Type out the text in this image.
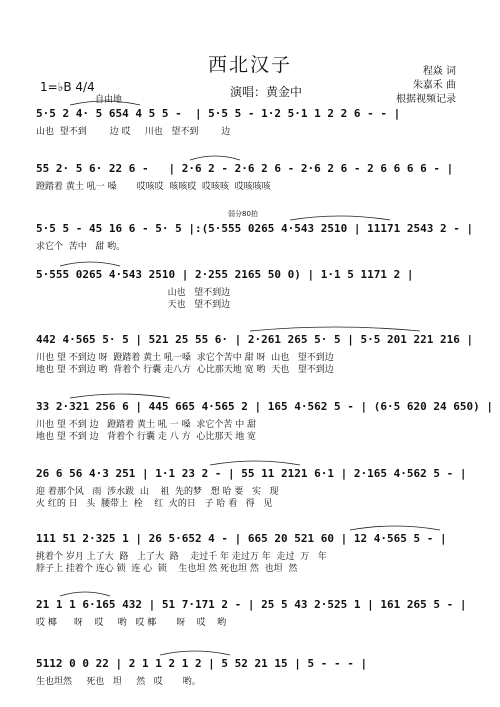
西北汉子
演唱：黄金中
程焱 词
朱嘉禾 曲
根据视频记录
1=♭B 4/4
自由地
弱分80拍
5·5 2 4· 5 654 4 5 5 -  | 5·5 5 - 1·2 5·1 1 2 2 6 - - |
山也  望不到        边 哎     川也   望不到        边
55 2· 5 6· 22 6 -   | 2·6 2 - 2·6 2 6 - 2·6 2 6 - 2 6 6 6 6 - |
蹬踏着 黄土 吼一 嗓       哎咳哎  咳咳哎  哎咳咳  哎咳咳咳
5·5 5 - 45 16 6 - 5· 5 |:(5·555 0265 4·543 2510 | 11171 2543 2 - |
求它个  苦中   甜 哟。
5·555 0265 4·543 2510 | 2·255 2165 50 0) | 1·1 5 1171 2 |
山也   望不到边
天也   望不到边
442 4·565 5· 5 | 521 25 55 6· | 2·261 265 5· 5 | 5·5 201 221 216 |
川也 望 不到边 呀  蹬踏着 黄土 吼一嗓  求它个苦中 甜 呀  山也   望不到边
地也 望 不到边 哟  背着个 行囊 走八方  心比那天地 宽 哟  天也   望不到边
33 2·321 256 6 | 445 665 4·565 2 | 165 4·562 5 - | (6·5 620 24 650) |
川也 望 不到 边   蹬踏着 黄土 吼 一 嗓  求它个苦 中 甜
地也 望 不到 边   背着个 行囊 走 八 方  心比那天 地 宽
26 6 56 4·3 251 | 1·1 23 2 - | 55 11 2121 6·1 | 2·165 4·562 5 - |
迎 着那个风   雨  涉水跋  山    祖  先的梦   想 哈 要   实   现
火 红的 日   头  腰带上  栓    红  火的日   子 哈 看   得   见
111 51 2·325 1 | 26 5·652 4 - | 665 20 521 60 | 12 4·565 5 - |
挑着个 岁月 上了大  路   上了大  路    走过千 年 走过万 年  走过  万   年
脖子上 挂着个 连心 锁  连 心  锁    生也坦 然 死也坦 然  也坦  然
21 1 1 6·165 432 | 51 7·171 2 - | 25 5 43 2·525 1 | 161 265 5 - |
哎 椰      呀    哎     哟   哎 椰       呀    哎    哟
5112 0 0 22 | 2 1 1 2 1 2 | 5 52 21 15 | 5 - - - |
生也坦然     死也   坦     然   哎       哟。
